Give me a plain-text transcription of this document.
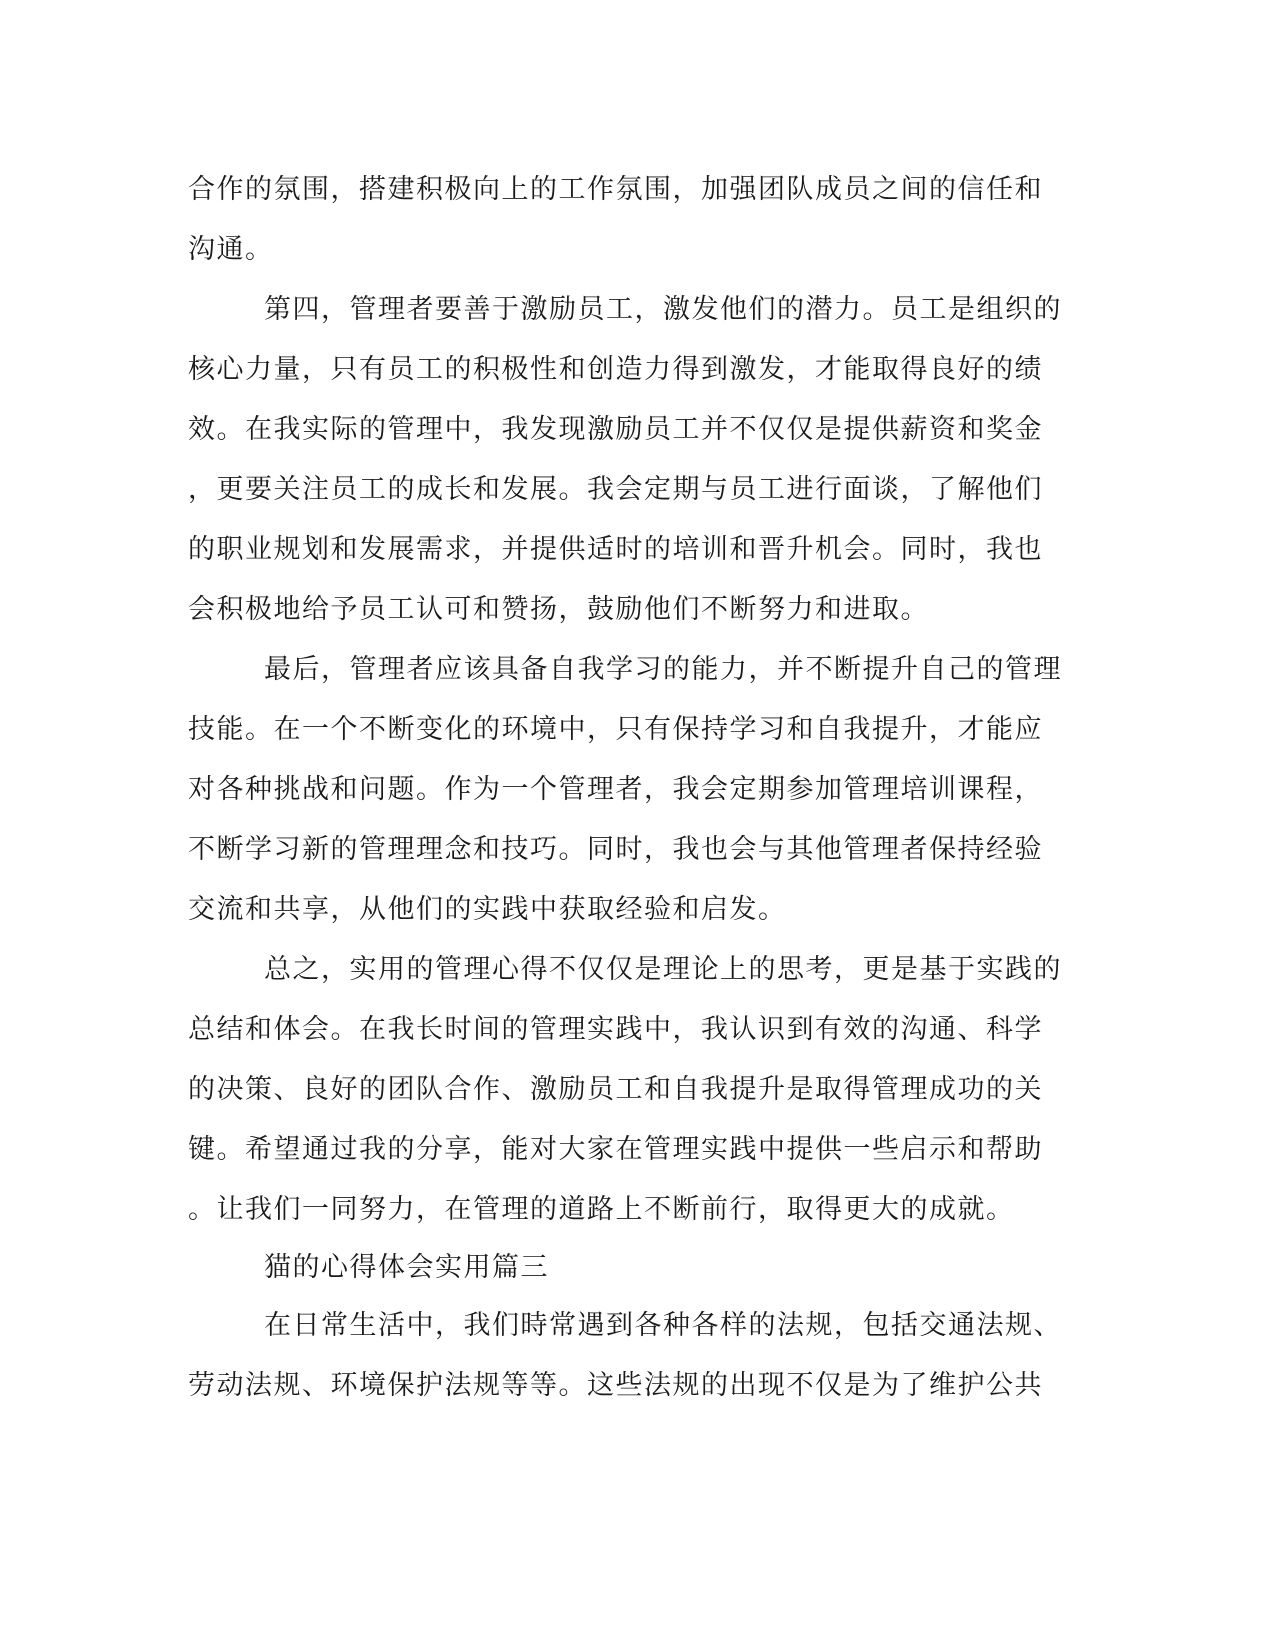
合作的氛围，搭建积极向上的工作氛围，加强团队成员之间的信任和
沟通。
第四，管理者要善于激励员工，激发他们的潜力。员工是组织的
核心力量，只有员工的积极性和创造力得到激发，才能取得良好的绩
效。在我实际的管理中，我发现激励员工并不仅仅是提供薪资和奖金
，更要关注员工的成长和发展。我会定期与员工进行面谈，了解他们
的职业规划和发展需求，并提供适时的培训和晋升机会。同时，我也
会积极地给予员工认可和赞扬，鼓励他们不断努力和进取。
最后，管理者应该具备自我学习的能力，并不断提升自己的管理
技能。在一个不断变化的环境中，只有保持学习和自我提升，才能应
对各种挑战和问题。作为一个管理者，我会定期参加管理培训课程，
不断学习新的管理理念和技巧。同时，我也会与其他管理者保持经验
交流和共享，从他们的实践中获取经验和启发。
总之，实用的管理心得不仅仅是理论上的思考，更是基于实践的
总结和体会。在我长时间的管理实践中，我认识到有效的沟通、科学
的决策、良好的团队合作、激励员工和自我提升是取得管理成功的关
键。希望通过我的分享，能对大家在管理实践中提供一些启示和帮助
。让我们一同努力，在管理的道路上不断前行，取得更大的成就。
猫的心得体会实用篇三
在日常生活中，我们時常遇到各种各样的法规，包括交通法规、
劳动法规、环境保护法规等等。这些法规的出现不仅是为了维护公共
